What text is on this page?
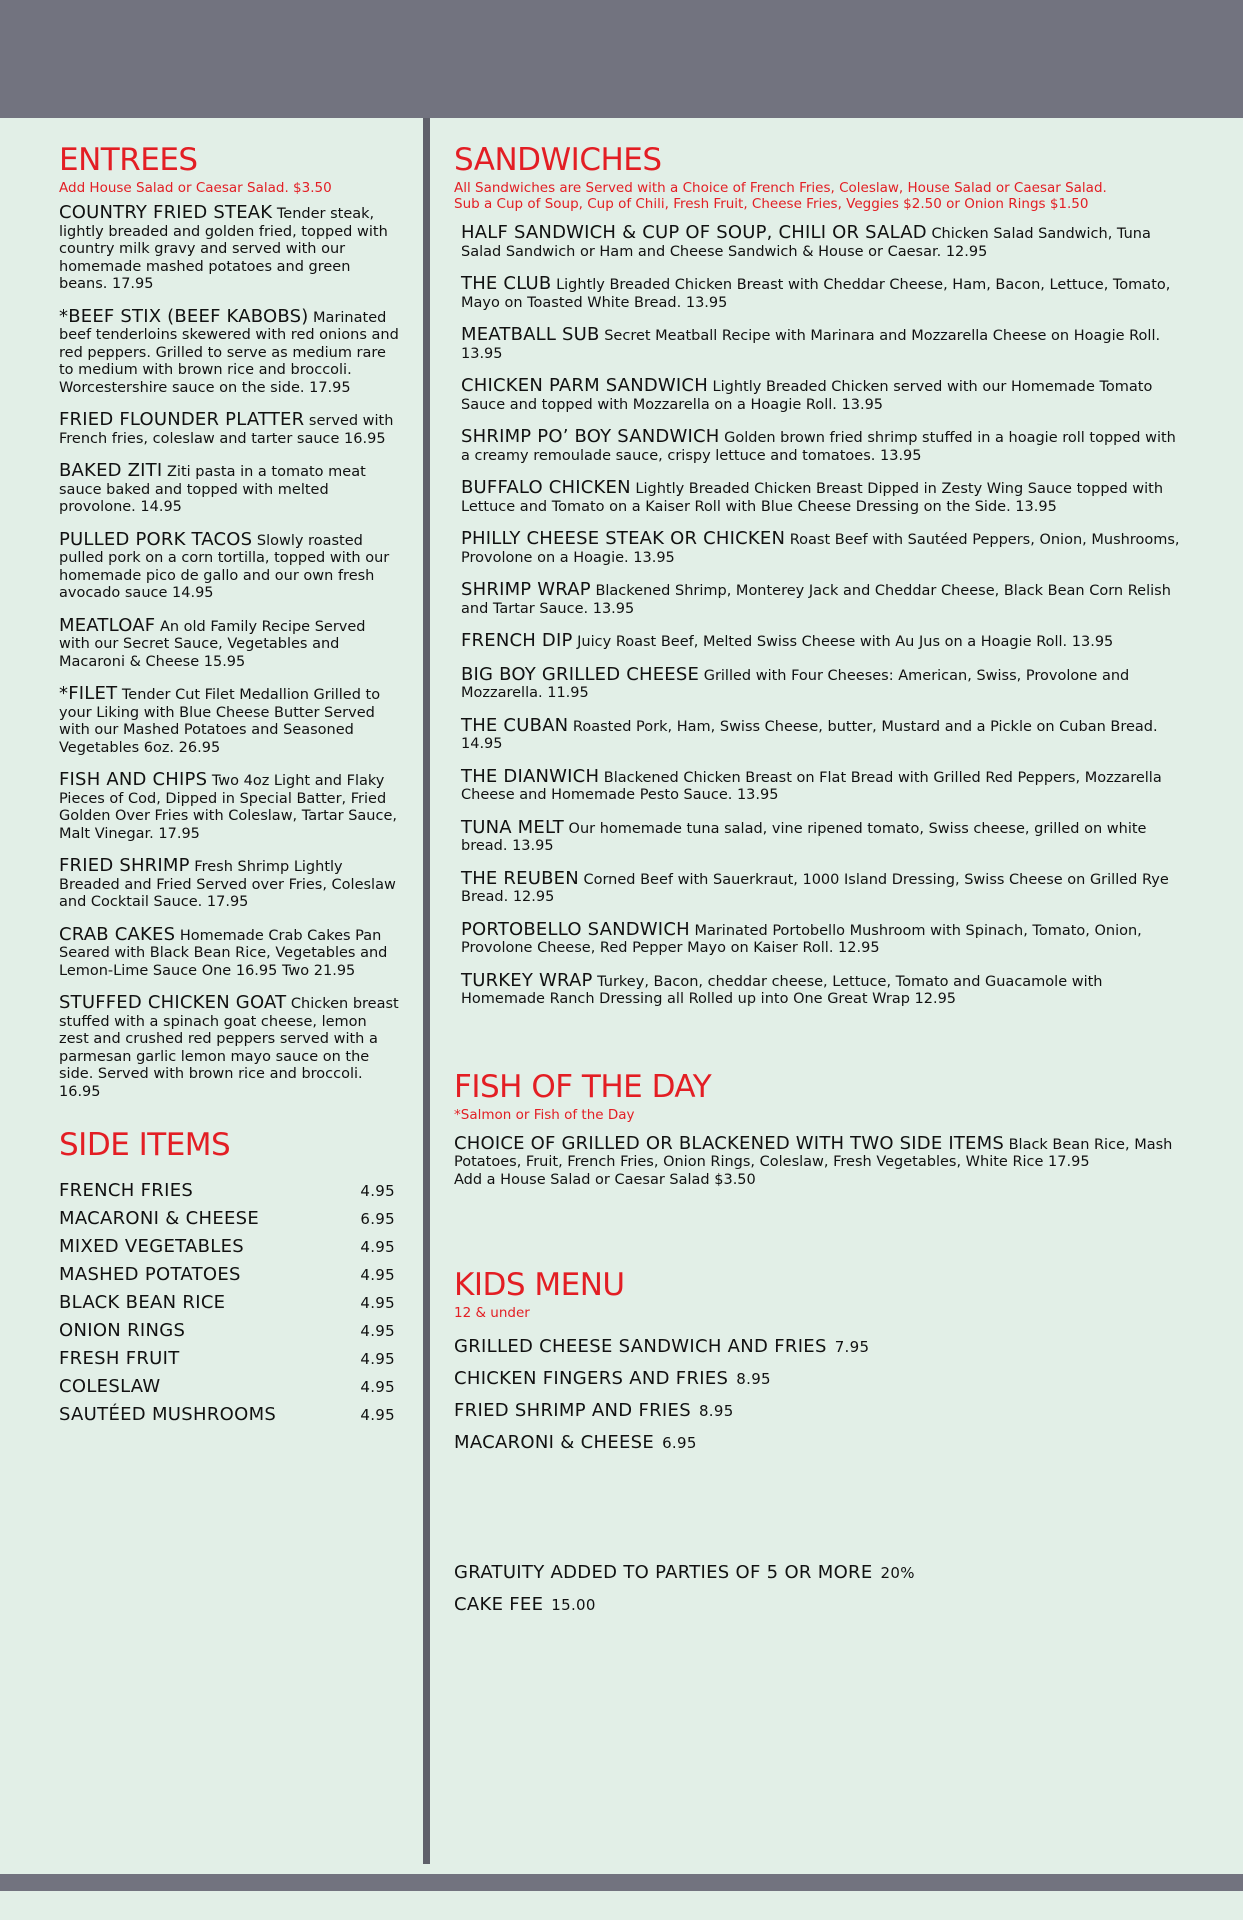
ENTREES

Add House Salad or Caesar Salad. $3.50

COUNTRY FRIED STEAK Tender steak, lightly breaded and golden fried, topped with country milk gravy and served with our homemade mashed potatoes and green beans. 17.95

*BEEF STIX (BEEF KABOBS) Marinated beef tenderloins skewered with red onions and red peppers. Grilled to serve as medium rare to medium with brown rice and broccoli. Worcestershire sauce on the side. 17.95

FRIED FLOUNDER PLATTER served with French fries, coleslaw and tarter sauce 16.95

BAKED ZITI Ziti pasta in a tomato meat sauce baked and topped with melted provolone. 14.95

PULLED PORK TACOS Slowly roasted pulled pork on a corn tortilla, topped with our homemade pico de gallo and our own fresh avocado sauce 14.95

MEATLOAF An old Family Recipe Served with our Secret Sauce, Vegetables and Macaroni & Cheese 15.95

*FILET Tender Cut Filet Medallion Grilled to your Liking with Blue Cheese Butter Served with our Mashed Potatoes and Seasoned Vegetables 6oz. 26.95

FISH AND CHIPS Two 4oz Light and Flaky Pieces of Cod, Dipped in Special Batter, Fried Golden Over Fries with Coleslaw, Tartar Sauce, Malt Vinegar. 17.95

FRIED SHRIMP Fresh Shrimp Lightly Breaded and Fried Served over Fries, Coleslaw and Cocktail Sauce. 17.95

CRAB CAKES Homemade Crab Cakes Pan Seared with Black Bean Rice, Vegetables and Lemon-Lime Sauce One 16.95 Two 21.95

STUFFED CHICKEN GOAT Chicken breast stuffed with a spinach goat cheese, lemon zest and crushed red peppers served with a parmesan garlic lemon mayo sauce on the side. Served with brown rice and broccoli. 16.95

SIDE ITEMS
FRENCH FRIES	4.95
MACARONI & CHEESE	6.95
MIXED VEGETABLES	4.95
MASHED POTATOES	4.95
BLACK BEAN RICE	4.95
ONION RINGS	4.95
FRESH FRUIT	4.95
COLESLAW	4.95
SAUTÉED MUSHROOMS	4.95
SANDWICHES

All Sandwiches are Served with a Choice of French Fries, Coleslaw, House Salad or Caesar Salad.
Sub a Cup of Soup, Cup of Chili, Fresh Fruit, Cheese Fries, Veggies $2.50 or Onion Rings $1.50

HALF SANDWICH & CUP OF SOUP, CHILI OR SALAD Chicken Salad Sandwich, Tuna Salad Sandwich or Ham and Cheese Sandwich & House or Caesar. 12.95

THE CLUB Lightly Breaded Chicken Breast with Cheddar Cheese, Ham, Bacon, Lettuce, Tomato, Mayo on Toasted White Bread. 13.95

MEATBALL SUB Secret Meatball Recipe with Marinara and Mozzarella Cheese on Hoagie Roll. 13.95

CHICKEN PARM SANDWICH Lightly Breaded Chicken served with our Homemade Tomato Sauce and topped with Mozzarella on a Hoagie Roll. 13.95

SHRIMP PO’ BOY SANDWICH Golden brown fried shrimp stuffed in a hoagie roll topped with a creamy remoulade sauce, crispy lettuce and tomatoes. 13.95

BUFFALO CHICKEN Lightly Breaded Chicken Breast Dipped in Zesty Wing Sauce topped with Lettuce and Tomato on a Kaiser Roll with Blue Cheese Dressing on the Side. 13.95

PHILLY CHEESE STEAK OR CHICKEN Roast Beef with Sautéed Peppers, Onion, Mushrooms, Provolone on a Hoagie. 13.95

SHRIMP WRAP Blackened Shrimp, Monterey Jack and Cheddar Cheese, Black Bean Corn Relish and Tartar Sauce. 13.95

FRENCH DIP Juicy Roast Beef, Melted Swiss Cheese with Au Jus on a Hoagie Roll. 13.95

BIG BOY GRILLED CHEESE Grilled with Four Cheeses: American, Swiss, Provolone and Mozzarella. 11.95

THE CUBAN Roasted Pork, Ham, Swiss Cheese, butter, Mustard and a Pickle on Cuban Bread. 14.95

THE DIANWICH Blackened Chicken Breast on Flat Bread with Grilled Red Peppers, Mozzarella Cheese and Homemade Pesto Sauce. 13.95

TUNA MELT Our homemade tuna salad, vine ripened tomato, Swiss cheese, grilled on white bread. 13.95

THE REUBEN Corned Beef with Sauerkraut, 1000 Island Dressing, Swiss Cheese on Grilled Rye Bread. 12.95

PORTOBELLO SANDWICH Marinated Portobello Mushroom with Spinach, Tomato, Onion, Provolone Cheese, Red Pepper Mayo on Kaiser Roll. 12.95

TURKEY WRAP Turkey, Bacon, cheddar cheese, Lettuce, Tomato and Guacamole with Homemade Ranch Dressing all Rolled up into One Great Wrap 12.95

FISH OF THE DAY

*Salmon or Fish of the Day

CHOICE OF GRILLED OR BLACKENED WITH TWO SIDE ITEMS Black Bean Rice, Mash Potatoes, Fruit, French Fries, Onion Rings, Coleslaw, Fresh Vegetables, White Rice 17.95
Add a House Salad or Caesar Salad $3.50

KIDS MENU

12 & under

GRILLED CHEESE SANDWICH AND FRIES 7.95
CHICKEN FINGERS AND FRIES 8.95
FRIED SHRIMP AND FRIES 8.95
MACARONI & CHEESE 6.95
GRATUITY ADDED TO PARTIES OF 5 OR MORE 20%
CAKE FEE 15.00
